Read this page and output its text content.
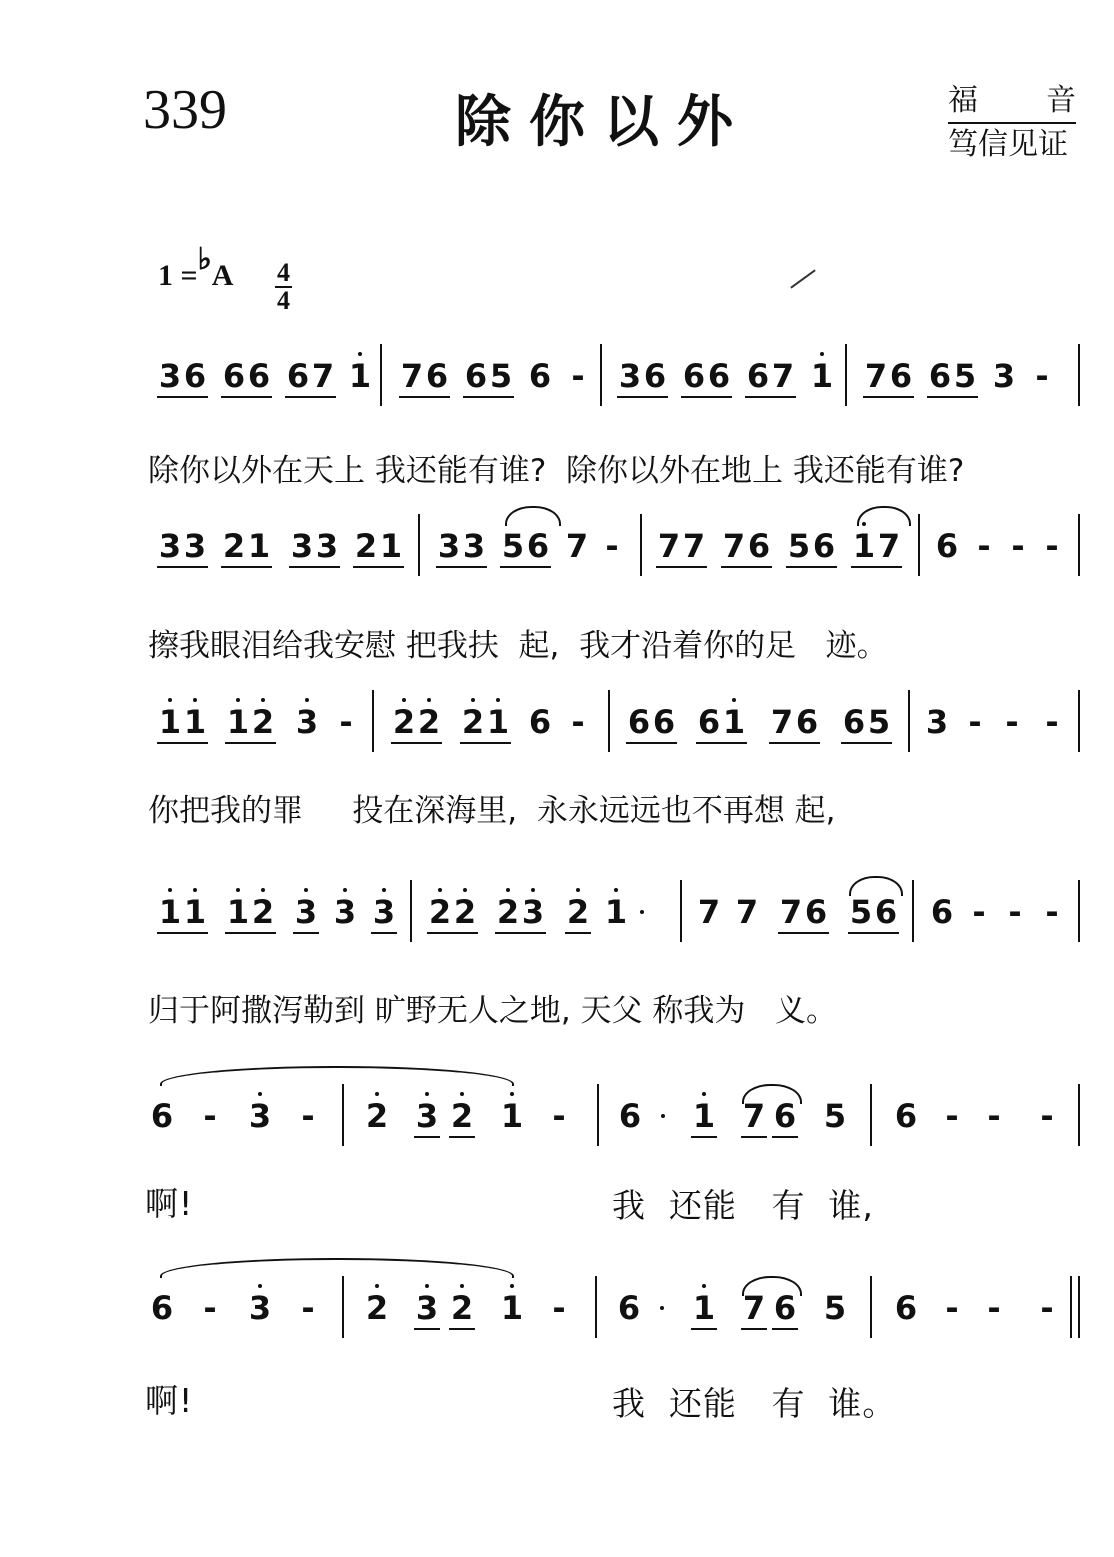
339	除你以外	福 音
笃信见证
1 =♭A 4
4
3 6 6 6 6 7 1 7 6 6 5 6 - 3 6 6 6 6 7 1 7 6 6 5 3 -
3 3 2 1 3 3 2 1 3 3 5 6 7 - 7 7 7 6 5 6 1 7 6 - - -
1 1 1 2 3 - 2 2 2 1 6 - 6 6 6 1 7 6 6 5 3 - - -
1 1 1 2 3 3 3 2 2 2 3 2 1 7 7 7 6 5 6 6 - - -
6 - 3 - 2 3 2 1 - 6 1 7 6 5 6 - - -
6 - 3 - 2 3 2 1 - 6 1 7 6 5 6 - - -
除你以外在天上 我还能有谁?  除你以外在地上 我还能有谁?
擦我眼泪给我安慰 把我扶  起,  我才沿着你的足   迹。
你把我的罪     投在深海里,  永永远远也不再想 起,
归于阿撒泻勒到 旷野无人之地, 天父 称我为   义。
啊!	我  还能   有  谁,
啊!	我  还能   有  谁。
